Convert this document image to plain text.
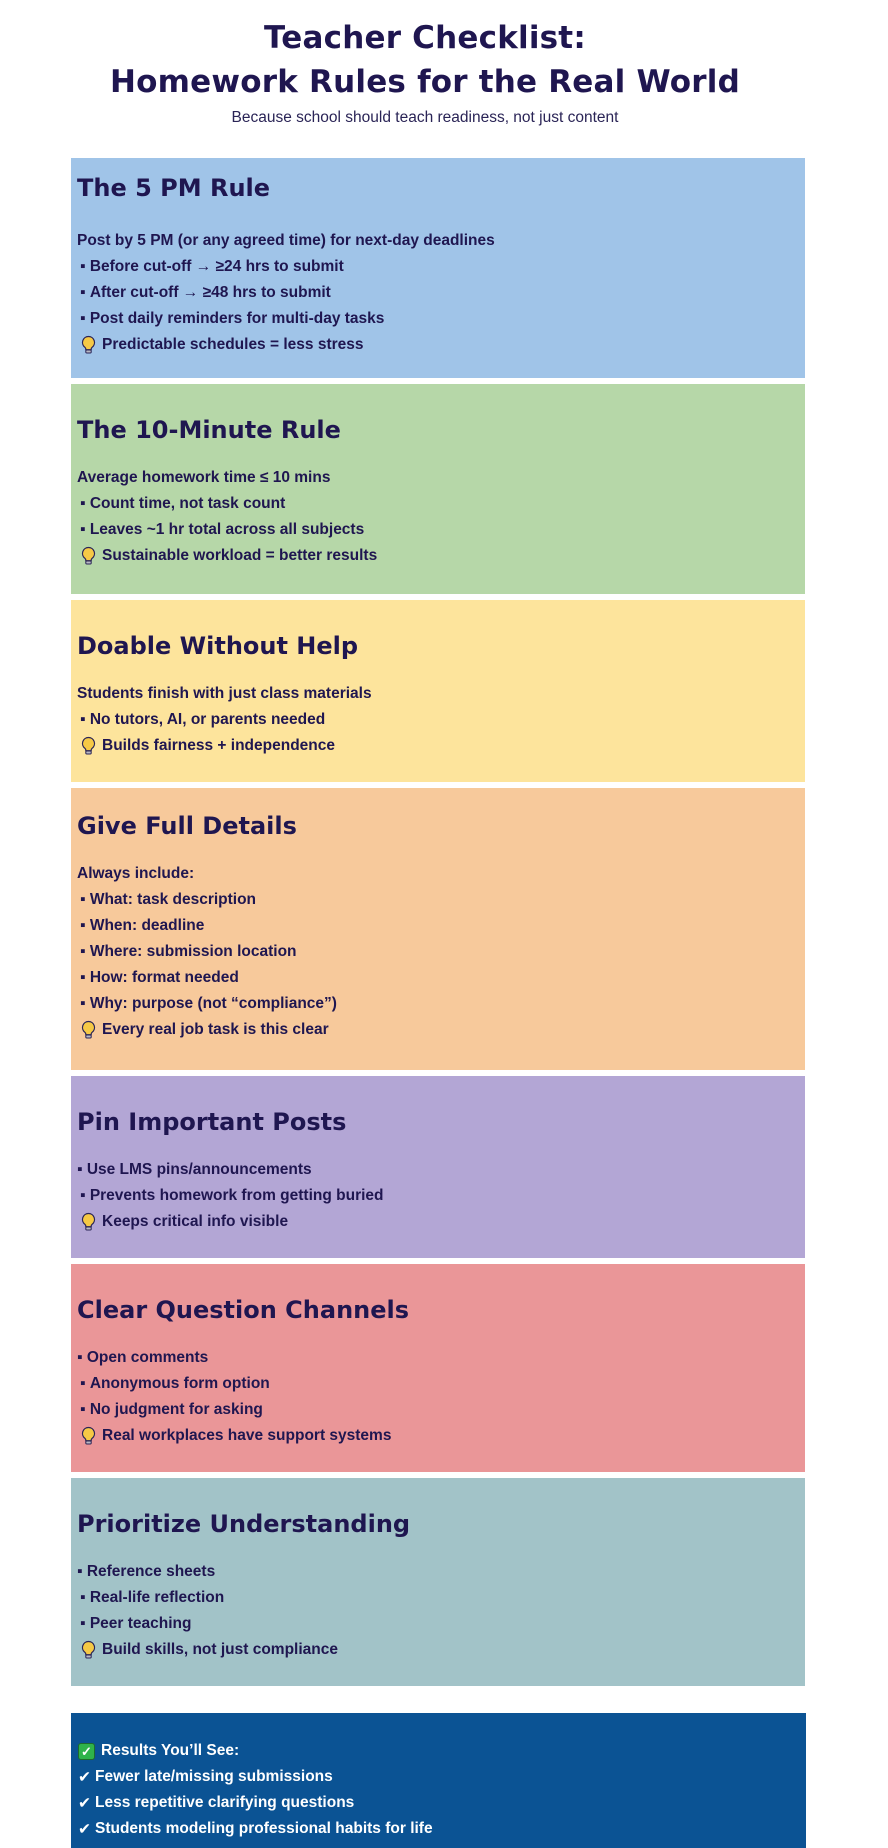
Teacher Checklist:
Homework Rules for the Real World
Because school should teach readiness, not just content
The 5 PM Rule

Post by 5 PM (or any agreed time) for next-day deadlines

▪ Before cut-off → ≥24 hrs to submit
▪ After cut-off → ≥48 hrs to submit
▪ Post daily reminders for multi-day tasks
Predictable schedules = less stress
The 10-Minute Rule

Average homework time ≤ 10 mins

▪ Count time, not task count
▪ Leaves ~1 hr total across all subjects
Sustainable workload = better results
Doable Without Help

Students finish with just class materials

▪ No tutors, AI, or parents needed
Builds fairness + independence
Give Full Details

Always include:

▪ What: task description
▪ When: deadline
▪ Where: submission location
▪ How: format needed
▪ Why: purpose (not “compliance”)
Every real job task is this clear
Pin Important Posts
▪ Use LMS pins/announcements
▪ Prevents homework from getting buried
Keeps critical info visible
Clear Question Channels
▪ Open comments
▪ Anonymous form option
▪ No judgment for asking
Real workplaces have support systems
Prioritize Understanding
▪ Reference sheets
▪ Real-life reflection
▪ Peer teaching
Build skills, not just compliance
✓ Results You’ll See:
✔ Fewer late/missing submissions
✔ Less repetitive clarifying questions
✔ Students modeling professional habits for life
